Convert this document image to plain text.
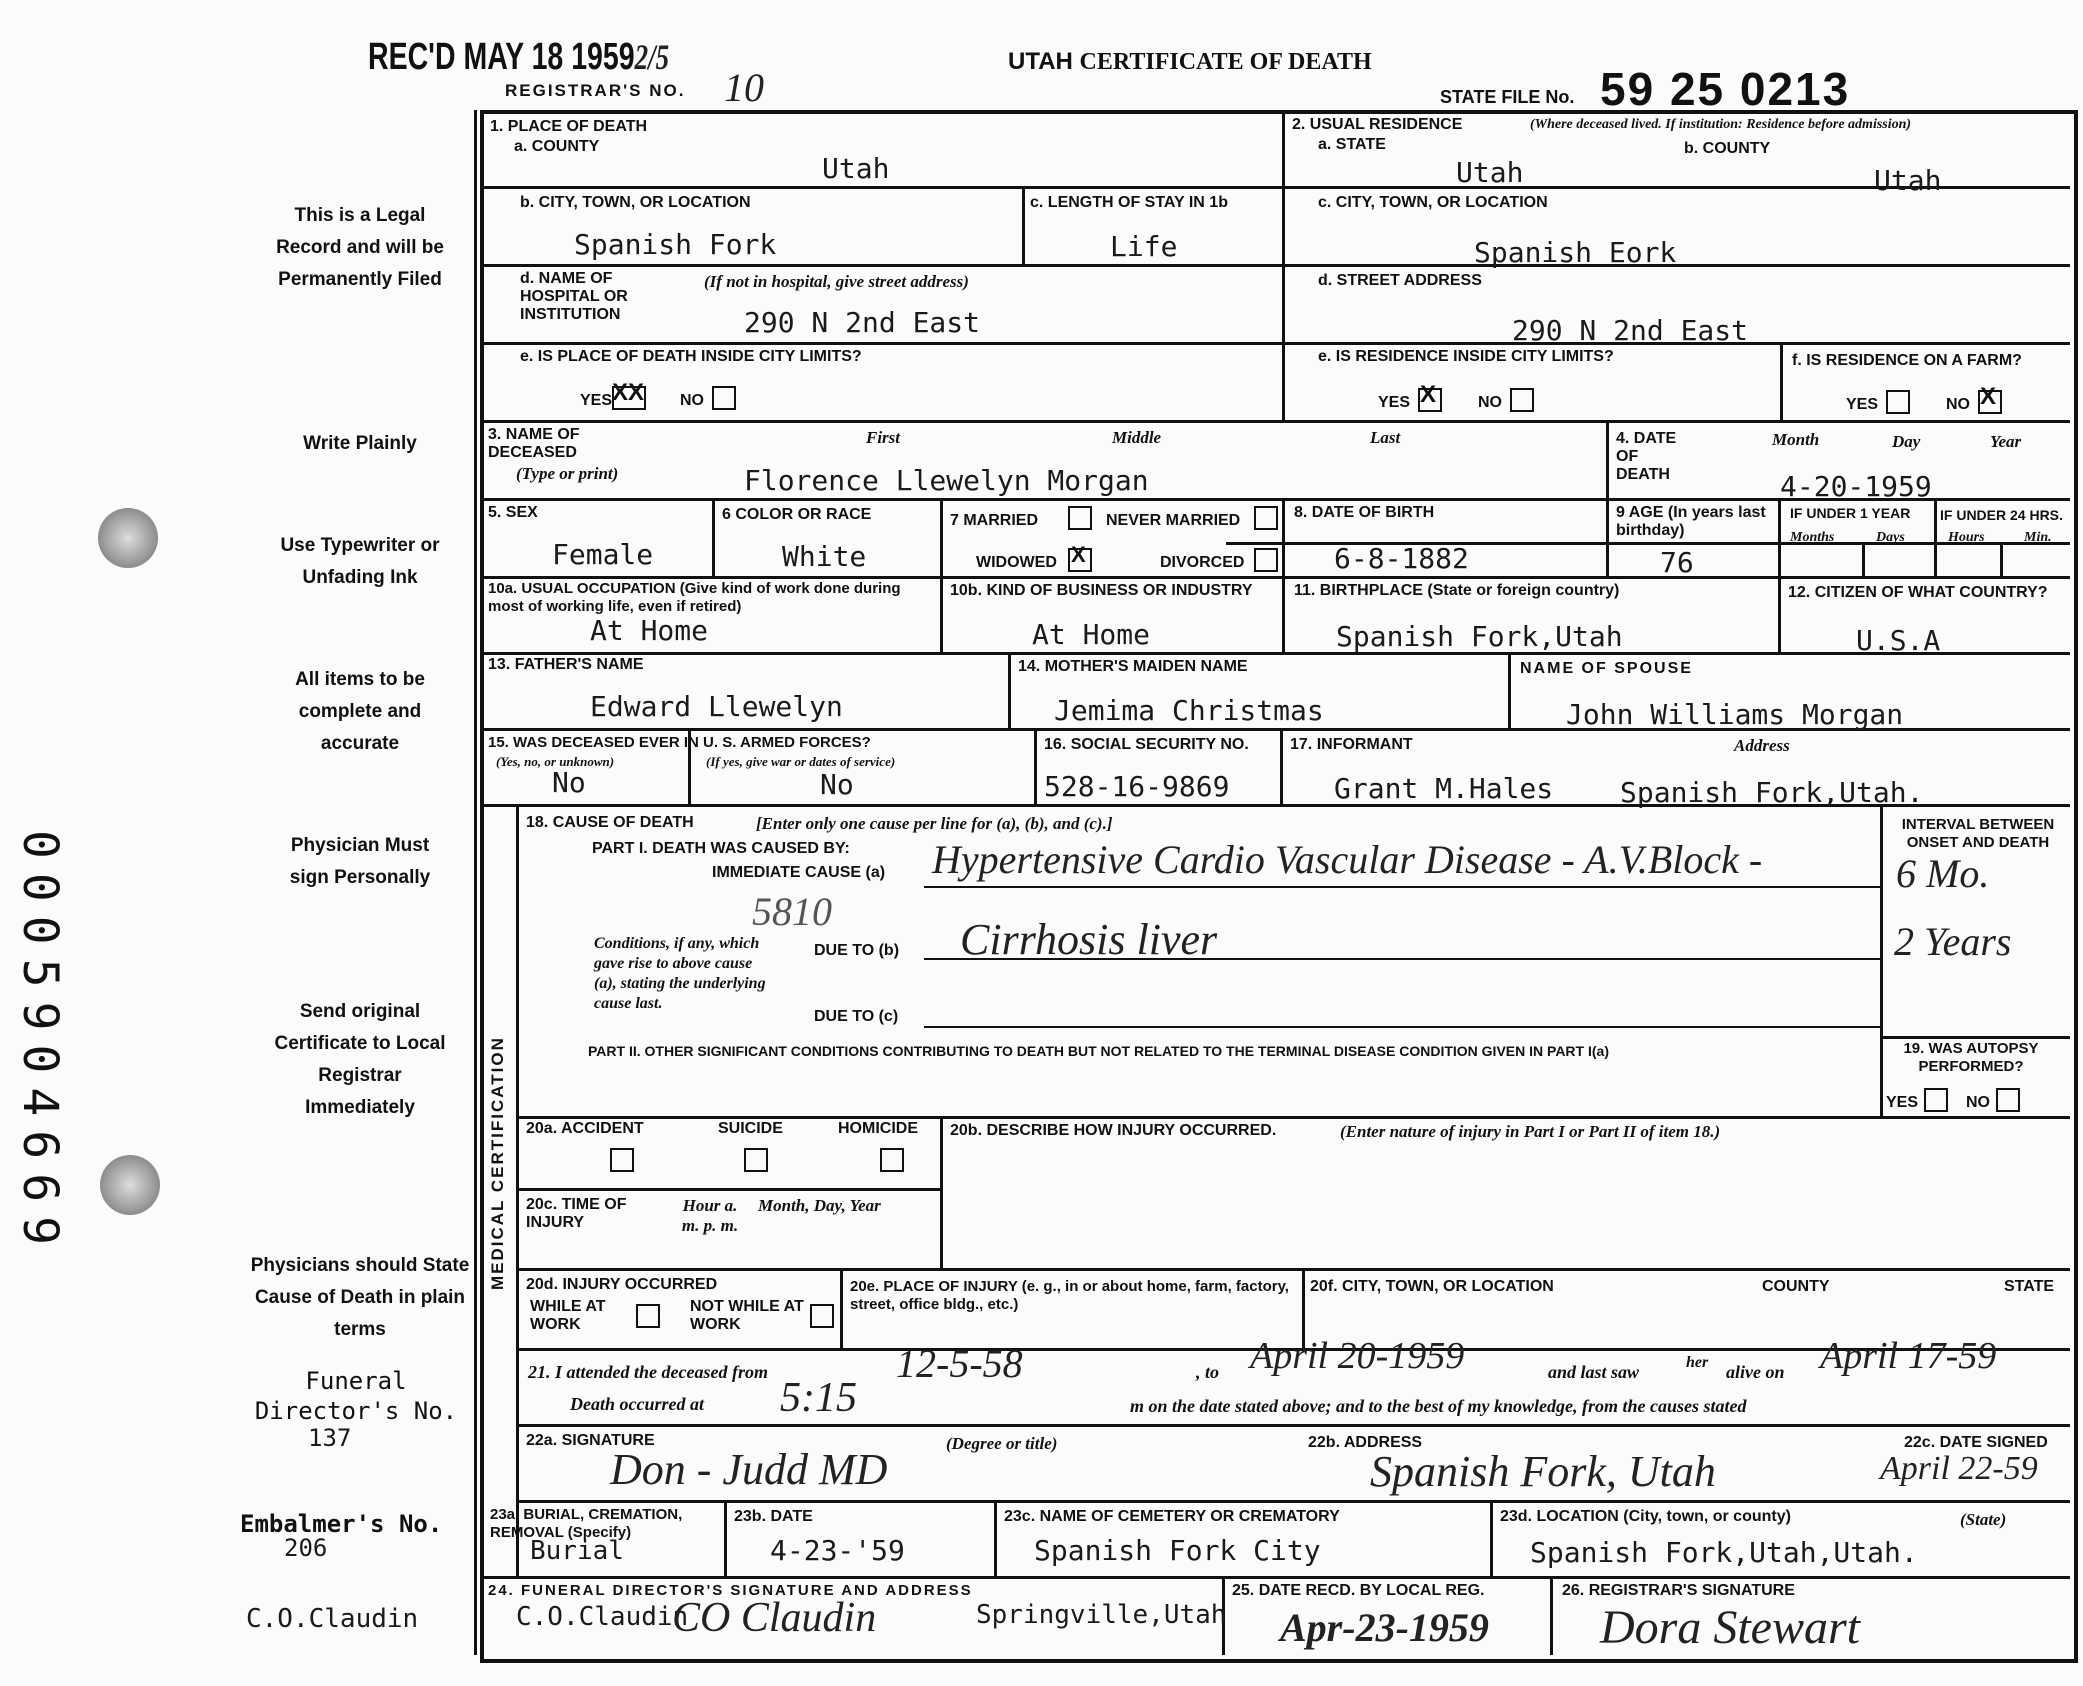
0005904669
REC'D MAY 18 19592/5
REGISTRAR'S NO. 10
UTAH CERTIFICATE OF DEATH
STATE FILE No. 59 25 0213
This is a Legal Record and will be Permanently Filed
Write Plainly
Use Typewriter or Unfading Ink
All items to be complete and accurate
Physician Must sign Personally
Send original Certificate to Local Registrar Immediately
Physicians should State Cause of Death in plain terms
Funeral Director's No.
137
Embalmer's No.
206
C.O.Claudin
1. PLACE OF DEATH
a. COUNTY
Utah
2. USUAL RESIDENCE	(Where deceased lived. If institution: Residence before admission)
a. STATE	b. COUNTY
Utah	Utah
b. CITY, TOWN, OR LOCATION
Spanish Fork
c. LENGTH OF STAY IN 1b
Life
c. CITY, TOWN, OR LOCATION
Spanish Eork
d. NAME OF HOSPITAL OR INSTITUTION
(If not in hospital, give street address)
290 N 2nd East
d. STREET ADDRESS
290 N 2nd East
e. IS PLACE OF DEATH INSIDE CITY LIMITS?
YES XX NO
e. IS RESIDENCE INSIDE CITY LIMITS?
YES X	NO
f. IS RESIDENCE ON A FARM?
YES	NO X
3. NAME OF DECEASED
(Type or print)
First	Middle	Last
Florence Llewelyn Morgan
4. DATE OF DEATH
Month	Day	Year
4-20-1959
5. SEX
Female
6 COLOR OR RACE
White
7 MARRIED	NEVER MARRIED
WIDOWED X	DIVORCED
8. DATE OF BIRTH
6-8-1882
9 AGE (In years last birthday)
76
IF UNDER 1 YEAR IF UNDER 24 HRS.
Months	Days	Hours	Min.
10a. USUAL OCCUPATION (Give kind of work done during most of working life, even if retired)
At Home
10b. KIND OF BUSINESS OR INDUSTRY
At Home
11. BIRTHPLACE (State or foreign country)
Spanish Fork,Utah
12. CITIZEN OF WHAT COUNTRY?
U.S.A
13. FATHER'S NAME
Edward Llewelyn
14. MOTHER'S MAIDEN NAME
Jemima Christmas
NAME OF SPOUSE
John Williams Morgan
15. WAS DECEASED EVER IN U. S. ARMED FORCES?
(Yes, no, or unknown)	(If yes, give war or dates of service)
No	No
16. SOCIAL SECURITY NO.
528-16-9869
17. INFORMANT	Address
Grant M.Hales Spanish Fork,Utah.
MEDICAL CERTIFICATION
18. CAUSE OF DEATH	[Enter only one cause per line for (a), (b), and (c).]
PART I. DEATH WAS CAUSED BY:
IMMEDIATE CAUSE (a) Hypertensive Cardio Vascular Disease - A.V.Block -
5810
Conditions, if any, which gave rise to above cause (a), stating the underlying cause last.
DUE TO (b) Cirrhosis liver
DUE TO (c)
INTERVAL BETWEEN ONSET AND DEATH
6 Mo.
2 Years
PART II. OTHER SIGNIFICANT CONDITIONS CONTRIBUTING TO DEATH BUT NOT RELATED TO THE TERMINAL DISEASE CONDITION GIVEN IN PART I(a)	19. WAS AUTOPSY PERFORMED?
YES	NO
20a. ACCIDENT	SUICIDE	HOMICIDE 20b. DESCRIBE HOW INJURY OCCURRED.	(Enter nature of injury in Part I or Part II of item 18.)
20c. TIME OF INJURY
Hour a. m. p. m.
Month, Day, Year
20d. INJURY OCCURRED
WHILE AT WORK
NOT WHILE AT WORK
20e. PLACE OF INJURY (e. g., in or about home, farm, factory, street, office bldg., etc.)
20f. CITY, TOWN, OR LOCATION	COUNTY	STATE
21. I attended the deceased from	12-5-58	, to April 20-1959	and last saw	her alive on April 17-59
Death occurred at 5:15	m on the date stated above; and to the best of my knowledge, from the causes stated
22a. SIGNATURE	(Degree or title)
Don - Judd MD
22b. ADDRESS
Spanish Fork, Utah
22c. DATE SIGNED
April 22-59
23a. BURIAL, CREMATION, REMOVAL (Specify)
Burial
23b. DATE
4-23-'59
23c. NAME OF CEMETERY OR CREMATORY
Spanish Fork City
23d. LOCATION (City, town, or county)	(State)
Spanish Fork,Utah,Utah.
24. FUNERAL DIRECTOR'S SIGNATURE AND ADDRESS
C.O.Claudin
CO Claudin	Springville,Utah
25. DATE RECD. BY LOCAL REG.
Apr-23-1959
26. REGISTRAR'S SIGNATURE
Dora Stewart
